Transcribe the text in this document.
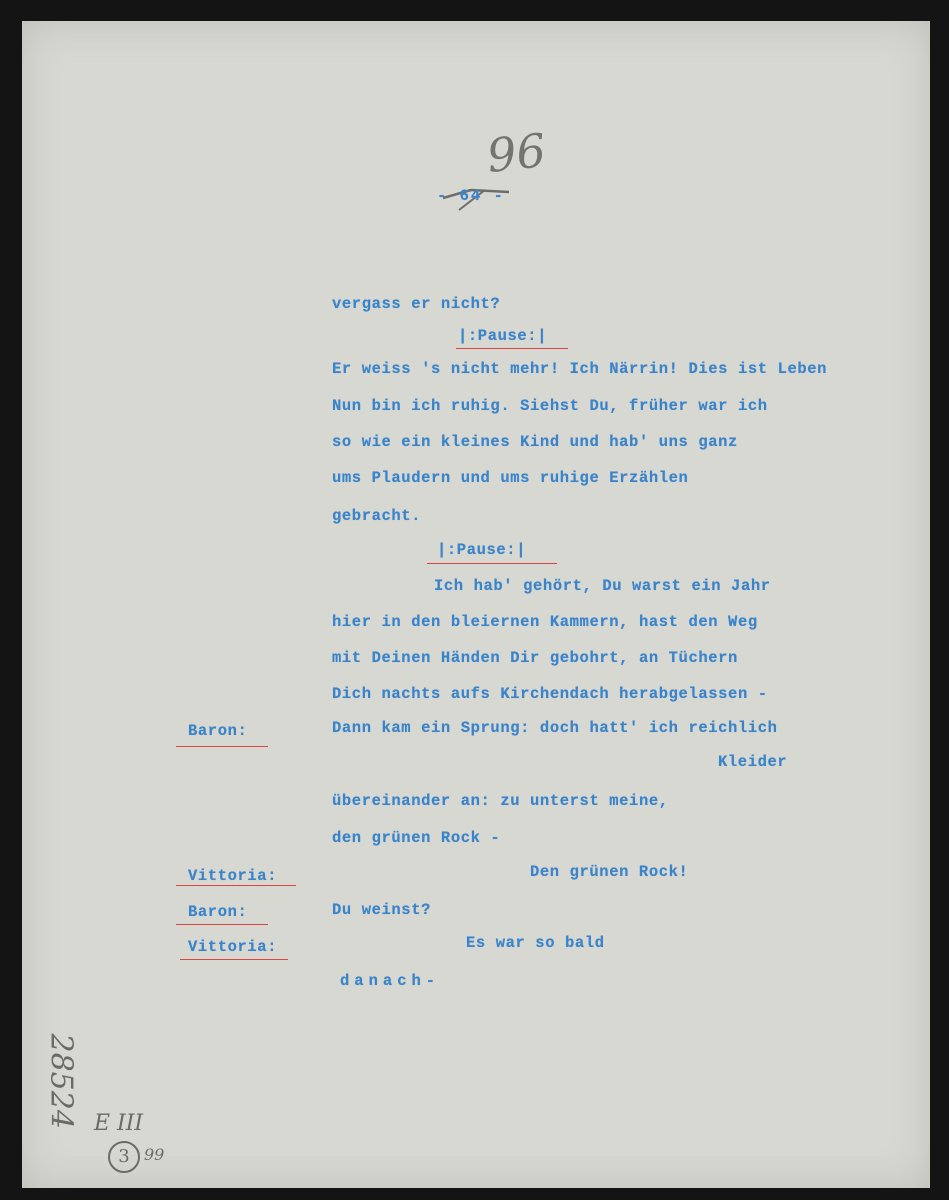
96
- 64 -
vergass er nicht?
|:Pause:|
Er weiss 's nicht mehr! Ich Närrin! Dies ist Leben
Nun bin ich ruhig. Siehst Du, früher war ich
so wie ein kleines Kind und hab' uns ganz
ums Plaudern und ums ruhige Erzählen
gebracht.
|:Pause:|
Ich hab' gehört, Du warst ein Jahr
hier in den bleiernen Kammern, hast den Weg
mit Deinen Händen Dir gebohrt, an Tüchern
Dich nachts aufs Kirchendach herabgelassen -
Dann kam ein Sprung: doch hatt' ich reichlich
Kleider
übereinander an: zu unterst meine,
den grünen Rock -
Den grünen Rock!
Du weinst?
Es war so bald
danach-
Baron:
Vittoria:
Baron:
Vittoria:
28524 E III
3 99
